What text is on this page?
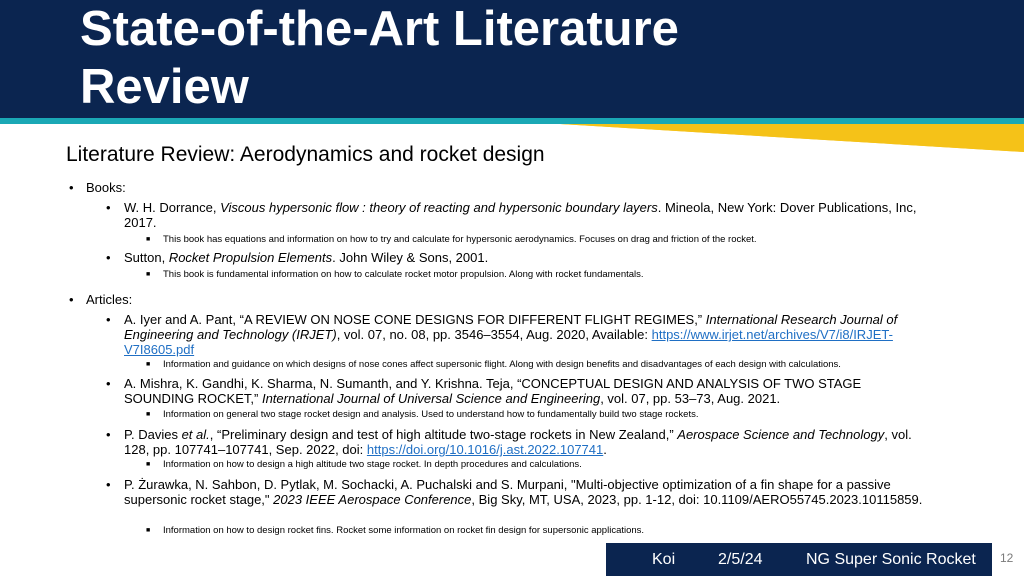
State-of-the-Art Literature
Review
Literature Review: Aerodynamics and rocket design
• Books:
• W. H. Dorrance, Viscous hypersonic flow : theory of reacting and hypersonic boundary layers. Mineola, New York: Dover Publications, Inc, 2017.
■ This book has equations and information on how to try and calculate for hypersonic aerodynamics. Focuses on drag and friction of the rocket.
• Sutton, Rocket Propulsion Elements. John Wiley & Sons, 2001.
■ This book is fundamental information on how to calculate rocket motor propulsion. Along with rocket fundamentals.
• Articles:
• A. Iyer and A. Pant, “A REVIEW ON NOSE CONE DESIGNS FOR DIFFERENT FLIGHT REGIMES,” International Research Journal of Engineering and Technology (IRJET), vol. 07, no. 08, pp. 3546–3554, Aug. 2020, Available: https://www.irjet.net/archives/V7/i8/IRJET-V7I8605.pdf
■ Information and guidance on which designs of nose cones affect supersonic flight. Along with design benefits and disadvantages of each design with calculations.
• A. Mishra, K. Gandhi, K. Sharma, N. Sumanth, and Y. Krishna. Teja, “CONCEPTUAL DESIGN AND ANALYSIS OF TWO STAGE SOUNDING ROCKET,” International Journal of Universal Science and Engineering, vol. 07, pp. 53–73, Aug. 2021.
■ Information on general two stage rocket design and analysis. Used to understand how to fundamentally build two stage rockets.
• P. Davies et al., “Preliminary design and test of high altitude two-stage rockets in New Zealand,” Aerospace Science and Technology, vol. 128, pp. 107741–107741, Sep. 2022, doi: https://doi.org/10.1016/j.ast.2022.107741.
■ Information on how to design a high altitude two stage rocket. In depth procedures and calculations.
• P. Żurawka, N. Sahbon, D. Pytlak, M. Sochacki, A. Puchalski and S. Murpani, "Multi-objective optimization of a fin shape for a passive supersonic rocket stage," 2023 IEEE Aerospace Conference, Big Sky, MT, USA, 2023, pp. 1-12, doi: 10.1109/AERO55745.2023.10115859.
■ Information on how to design rocket fins. Rocket some information on rocket fin design for supersonic applications.
Koi	2/5/24	NG Super Sonic Rocket 12
